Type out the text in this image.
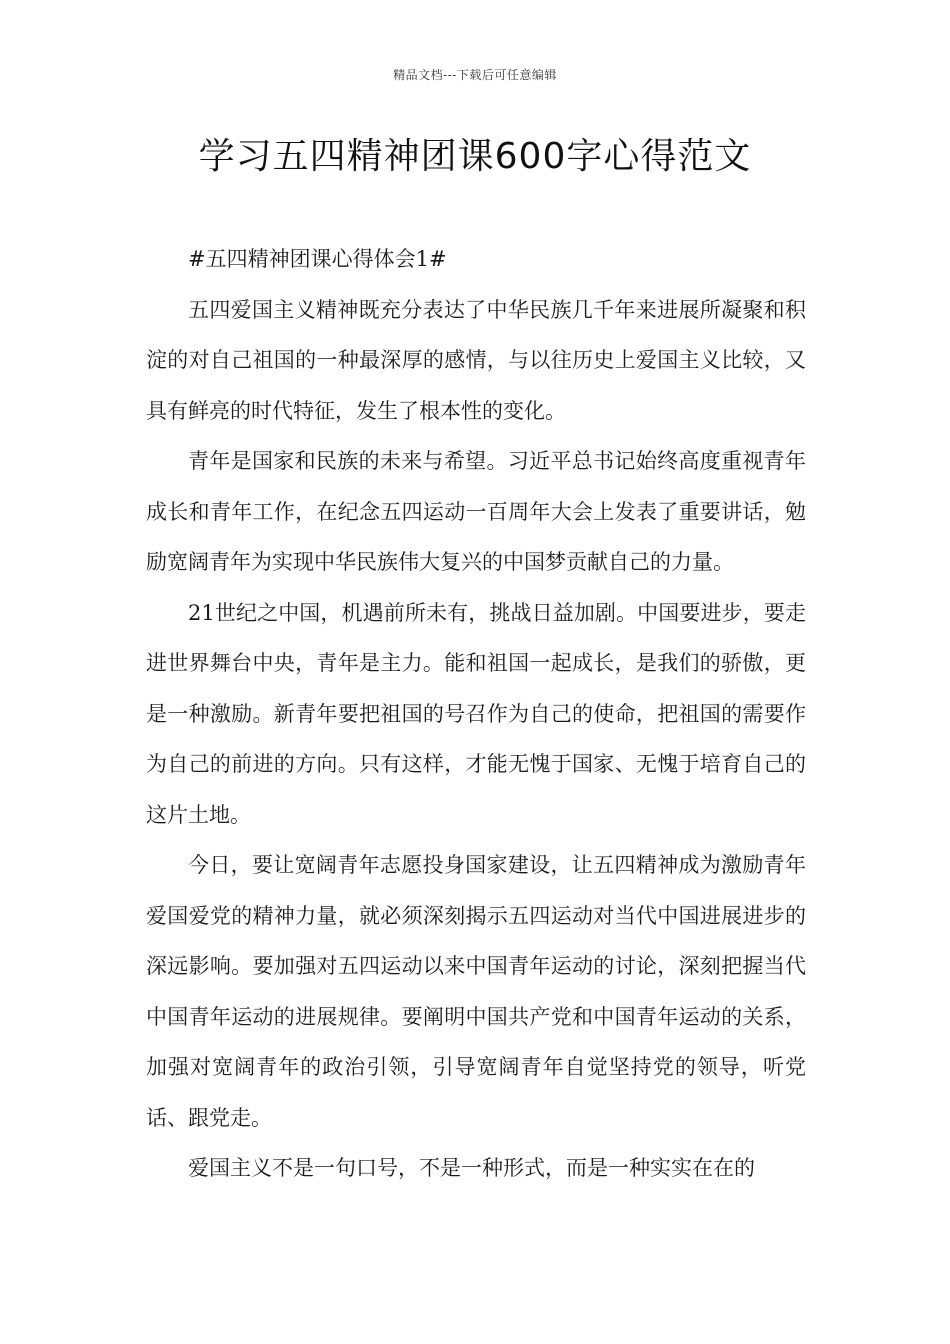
精品文档---下载后可任意编辑
学习五四精神团课600字心得范文

#五四精神团课心得体会1#

五四爱国主义精神既充分表达了中华民族几千年来进展所凝聚和积淀的对自己祖国的一种最深厚的感情，与以往历史上爱国主义比较，又具有鲜亮的时代特征，发生了根本性的变化。

青年是国家和民族的未来与希望。习近平总书记始终高度重视青年成长和青年工作，在纪念五四运动一百周年大会上发表了重要讲话，勉励宽阔青年为实现中华民族伟大复兴的中国梦贡献自己的力量。

21世纪之中国，机遇前所未有，挑战日益加剧。中国要进步，要走进世界舞台中央，青年是主力。能和祖国一起成长，是我们的骄傲，更是一种激励。新青年要把祖国的号召作为自己的使命，把祖国的需要作为自己的前进的方向。只有这样，才能无愧于国家、无愧于培育自己的这片土地。

今日，要让宽阔青年志愿投身国家建设，让五四精神成为激励青年爱国爱党的精神力量，就必须深刻揭示五四运动对当代中国进展进步的深远影响。要加强对五四运动以来中国青年运动的讨论，深刻把握当代中国青年运动的进展规律。要阐明中国共产党和中国青年运动的关系，加强对宽阔青年的政治引领，引导宽阔青年自觉坚持党的领导，听党话、跟党走。

爱国主义不是一句口号，不是一种形式，而是一种实实在在的
